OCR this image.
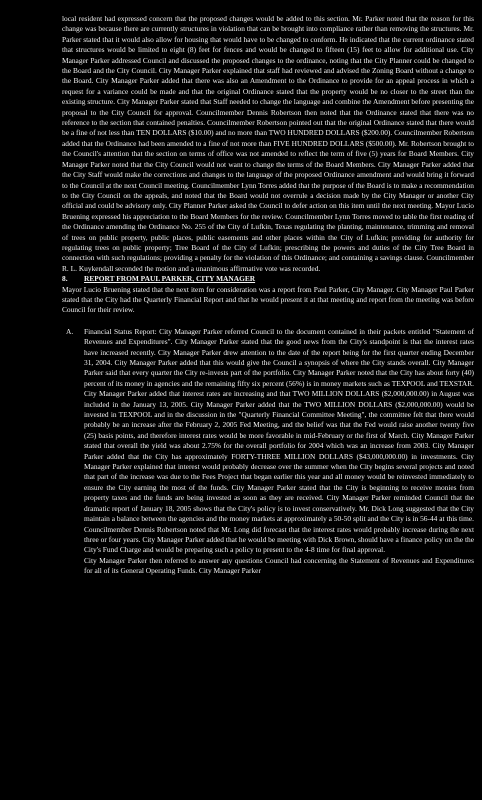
local resident had expressed concern that the proposed changes would be added to this section. Mr. Parker noted that the reason for this change was because there are currently structures in violation that can be brought into compliance rather than removing the structures. Mr. Parker stated that it would also allow for housing that would have to be changed to conform. He indicated that the current ordinance stated that structures would be limited to eight (8) feet for fences and would be changed to fifteen (15) feet to allow for additional use. City Manager Parker addressed Council and discussed the proposed changes to the ordinance, noting that the City Planner could be changed to the Board and the City Council. City Manager Parker explained that staff had reviewed and advised the Zoning Board without a change to the Board. City Manager Parker added that there was also an Amendment to the Ordinance to provide for an appeal process in which a request for a variance could be made and that the original Ordinance stated that the property would be no closer to the street than the existing structure. City Manager Parker stated that Staff needed to change the language and combine the Amendment before presenting the proposal to the City Council for approval. Councilmember Dennis Robertson then noted that the Ordinance stated that there was no reference to the section that contained penalties. Councilmember Robertson pointed out that the original Ordinance stated that there would be a fine of not less than TEN DOLLARS ($10.00) and no more than TWO HUNDRED DOLLARS ($200.00). Councilmember Robertson added that the Ordinance had been amended to a fine of not more than FIVE HUNDRED DOLLARS ($500.00). Mr. Robertson brought to the Council's attention that the section on terms of office was not amended to reflect the term of five (5) years for Board Members. City Manager Parker noted that the City Council would not want to change the terms of the Board Members. City Manager Parker added that the City Staff would make the corrections and changes to the language of the proposed Ordinance amendment and would bring it forward to the Council at the next Council meeting. Councilmember Lynn Torres added that the purpose of the Board is to make a recommendation to the City Council on the appeals, and noted that the Board would not overrule a decision made by the City Manager or another City official and could be advisory only. City Planner Parker asked the Council to defer action on this item until the next meeting. Mayor Lucio Bruening expressed his appreciation to the Board Members for the review. Councilmember Lynn Torres moved to table the first reading of the Ordinance amending the Ordinance No. 255 of the City of Lufkin, Texas regulating the planting, maintenance, trimming and removal of trees on public property, public places, public easements and other places within the City of Lufkin; providing for authority for regulating trees on public property; Tree Board of the City of Lufkin; prescribing the powers and duties of the City Tree Board in connection with such regulations; providing a penalty for the violation of this Ordinance; and containing a savings clause. Councilmember R. L. Kuykendall seconded the motion and a unanimous affirmative vote was recorded.

8. REPORT FROM PAUL PARKER, CITY MANAGER

Mayor Lucio Bruening stated that the next item for consideration was a report from Paul Parker, City Manager. City Manager Paul Parker stated that the City had the Quarterly Financial Report and that he would present it at that meeting and report from the meeting was before Council for their review.

A. Financial Status Report: City Manager Parker referred Council to the document contained in their packets entitled "Statement of Revenues and Expenditures". City Manager Parker stated that the good news from the City's standpoint is that the interest rates have increased recently. City Manager Parker drew attention to the date of the report being for the first quarter ending December 31, 2004. City Manager Parker added that this would give the Council a synopsis of where the City stands overall. City Manager Parker said that every quarter the City re-invests part of the portfolio. City Manager Parker noted that the City has about forty (40) percent of its money in agencies and the remaining fifty six percent (56%) is in money markets such as TEXPOOL and TEXSTAR. City Manager Parker added that interest rates are increasing and that TWO MILLION DOLLARS ($2,000,000.00) in August was included in the January 13, 2005. City Manager Parker added that the TWO MILLION DOLLARS ($2,000,000.00) would be invested in TEXPOOL and in the discussion in the "Quarterly Financial Committee Meeting", the committee felt that there would probably be an increase after the February 2, 2005 Fed Meeting, and the belief was that the Fed would raise another twenty five (25) basis points, and therefore interest rates would be more favorable in mid-February or the first of March. City Manager Parker stated that overall the yield was about 2.75% for the overall portfolio for 2004 which was an increase from 2003. City Manager Parker added that the City has approximately FORTY-THREE MILLION DOLLARS ($43,000,000.00) in investments. City Manager Parker explained that interest would probably decrease over the summer when the City begins several projects and noted that part of the increase was due to the Fees Project that began earlier this year and all money would be reinvested immediately to ensure the City earning the most of the funds. City Manager Parker stated that the City is beginning to receive monies from property taxes and the funds are being invested as soon as they are received. City Manager Parker reminded Council that the dramatic report of January 18, 2005 shows that the City's policy is to invest conservatively. Mr. Dick Long suggested that the City maintain a balance between the agencies and the money markets at approximately a 50-50 split and the City is in 56-44 at this time. Councilmember Dennis Robertson noted that Mr. Long did forecast that the interest rates would probably increase during the next three or four years. City Manager Parker added that he would be meeting with Dick Brown, should have a finance policy on the the City's Fund Charge and would be preparing such a policy to present to the 4-8 time for final approval.

City Manager Parker then referred to answer any questions Council had concerning the Statement of Revenues and Expenditures for all of its General Operating Funds. City Manager Parker
